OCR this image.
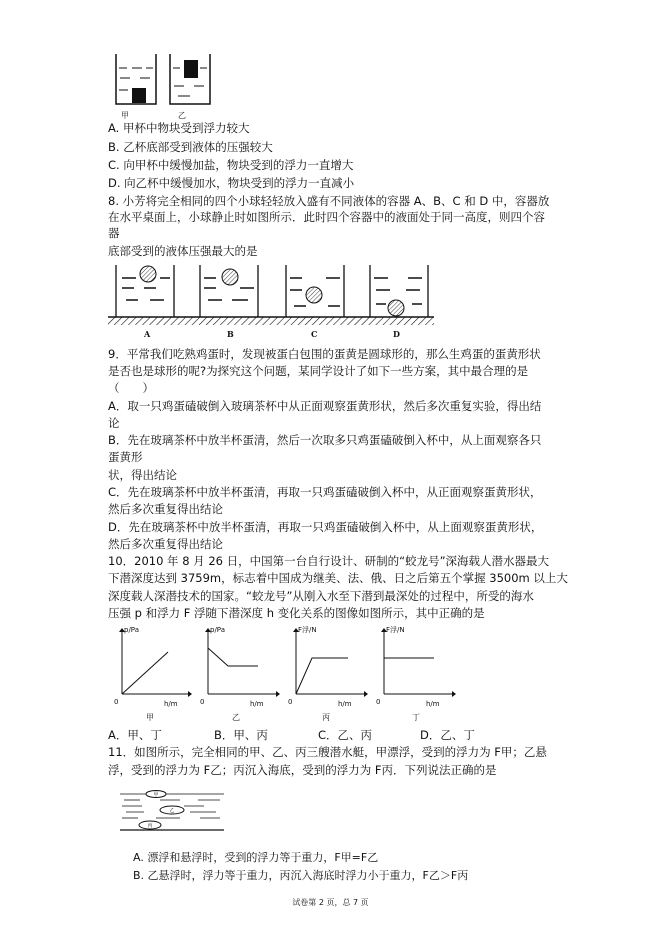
甲	乙
A. 甲杯中物块受到浮力较大
B. 乙杯底部受到液体的压强较大
C. 向甲杯中缓慢加盐，物块受到的浮力一直增大
D. 向乙杯中缓慢加水，物块受到的浮力一直减小
8. 小芳将完全相同的四个小球轻轻放入盛有不同液体的容器 A、B、C 和 D 中，容器放
在水平桌面上，小球静止时如图所示．此时四个容器中的液面处于同一高度，则四个容
器
底部受到的液体压强最大的是
A	B	C	D
9．平常我们吃熟鸡蛋时，发现被蛋白包围的蛋黄是圆球形的，那么生鸡蛋的蛋黄形状
是否也是球形的呢?为探究这个问题，某同学设计了如下一些方案，其中最合理的是
（　　）
A．取一只鸡蛋磕破倒入玻璃茶杯中从正面观察蛋黄形状，然后多次重复实验，得出结
论
B．先在玻璃茶杯中放半杯蛋清，然后一次取多只鸡蛋磕破倒入杯中，从上面观察各只
蛋黄形
状，得出结论
C．先在玻璃茶杯中放半杯蛋清，再取一只鸡蛋磕破倒入杯中，从正面观察蛋黄形状，
然后多次重复得出结论
D．先在玻璃茶杯中放半杯蛋清，再取一只鸡蛋磕破倒入杯中，从上面观察蛋黄形状，
然后多次重复得出结论
10．2010 年 8 月 26 日，中国第一台自行设计、研制的“蛟龙号”深海载人潜水器最大
下潜深度达到 3759m，标志着中国成为继美、法、俄、日之后第五个掌握 3500m 以上大
深度载人深潜技术的国家。“蛟龙号”从刚入水至下潜到最深处的过程中，所受的海水
压强 p 和浮力 F 浮随下潜深度 h 变化关系的图像如图所示，其中正确的是
p/Pa
h/m
0
p/Pa
h/m
0
F浮/N
h/m
0
F浮/N
h/m
0
甲	乙	丙	丁
A．甲、丁	B．甲、丙	C．乙、丙	D．乙、丁
11．如图所示，完全相同的甲、乙、丙三艘潜水艇，甲漂浮，受到的浮力为 F甲；乙悬
浮，受到的浮力为 F乙；丙沉入海底，受到的浮力为 F丙．下列说法正确的是
甲
乙
丙
A. 漂浮和悬浮时，受到的浮力等于重力，F甲=F乙
B. 乙悬浮时，浮力等于重力，丙沉入海底时浮力小于重力，F乙＞F丙
试卷第 2 页，总 7 页
